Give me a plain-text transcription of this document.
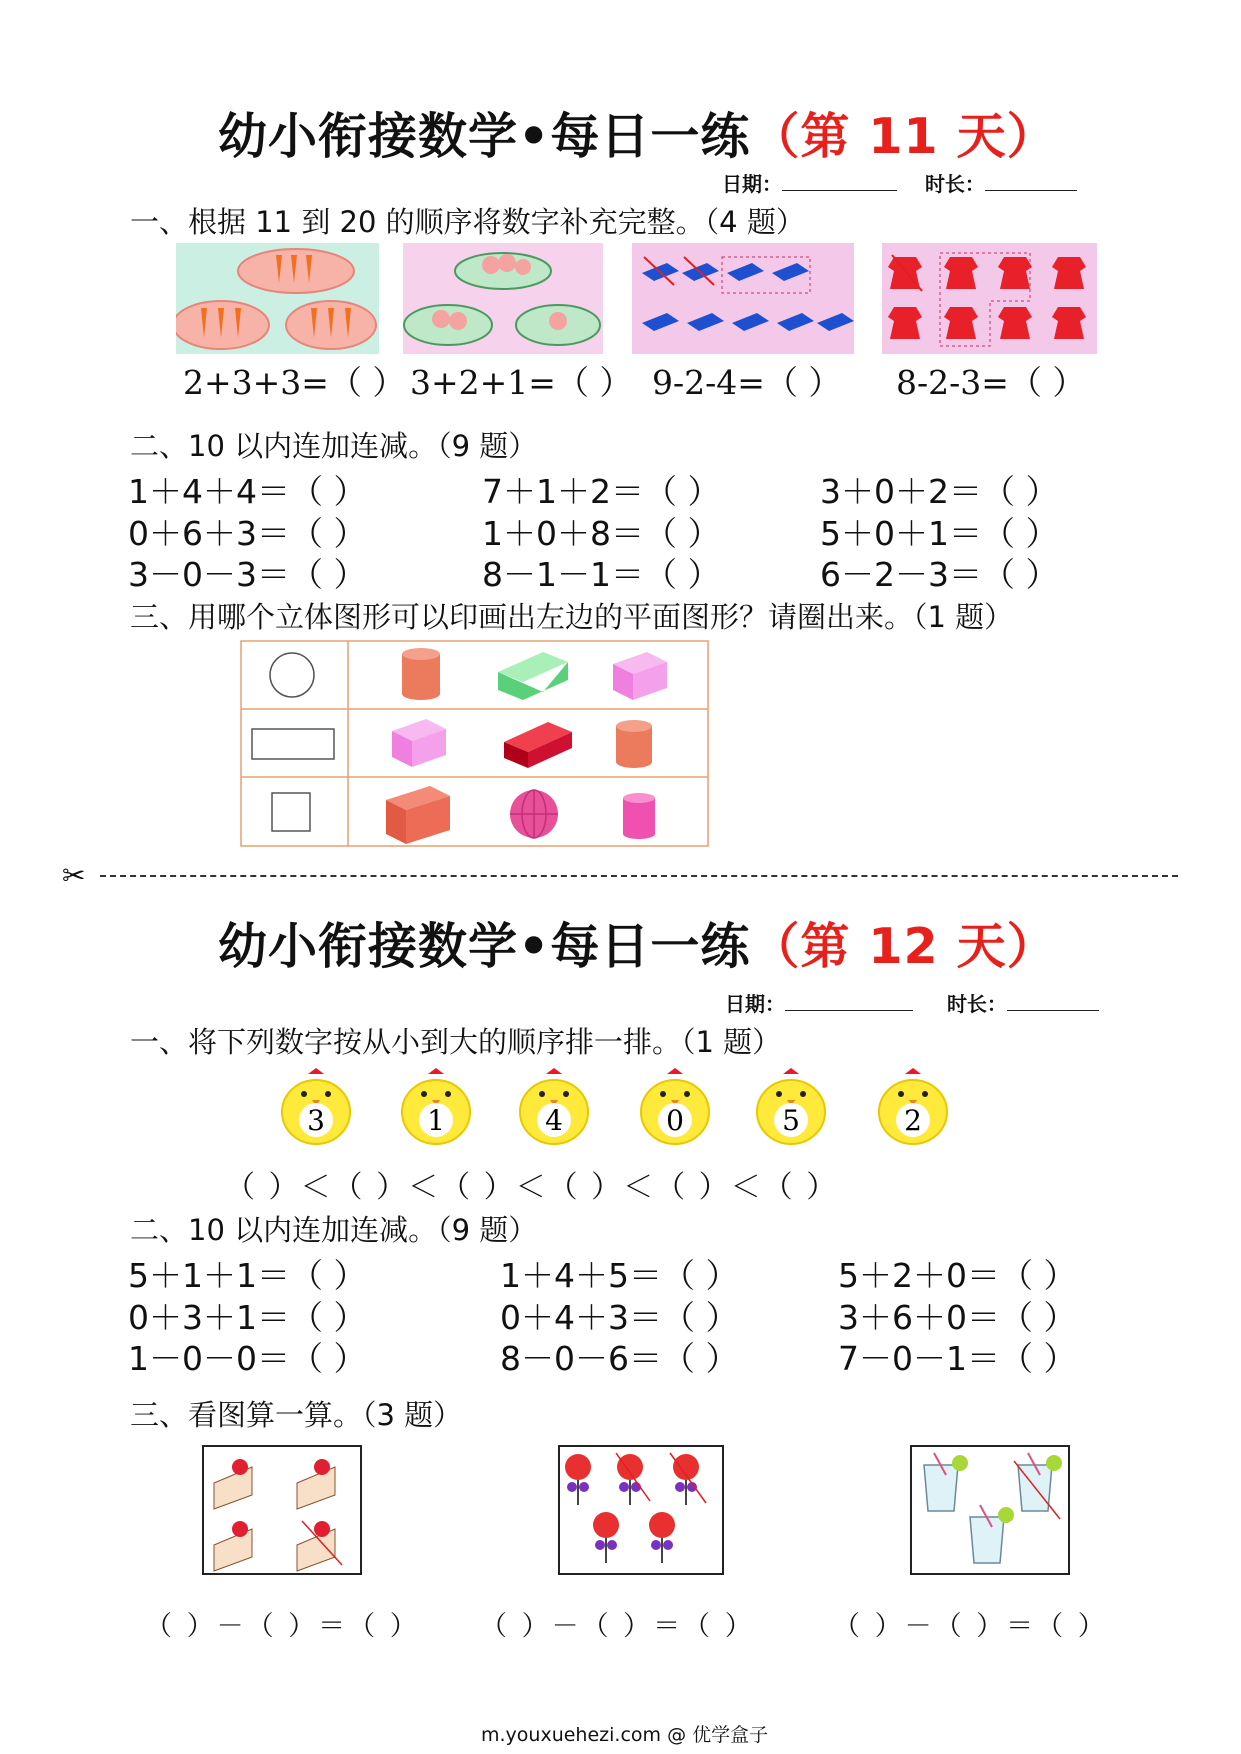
幼小衔接数学•每日一练（第 11 天）
日期：	时长：
一、根据 11 到 20 的顺序将数字补充完整。（4 题）
2+3+3=（ ） 3+2+1=（ ） 9-2-4=（ ） 8-2-3=（ ）
二、10 以内连加连减。（9 题）
1＋4＋4＝（ ）	7＋1＋2＝（ ）	3＋0＋2＝（ ）
0＋6＋3＝（ ）	1＋0＋8＝（ ）	5＋0＋1＝（ ）
3－0－3＝（ ）	8－1－1＝（ ）	6－2－3＝（ ）
三、用哪个立体图形可以印画出左边的平面图形？请圈出来。（1 题）
✂
幼小衔接数学•每日一练（第 12 天）
日期：	时长：
一、将下列数字按从小到大的顺序排一排。（1 题）
3	1	4	0	5	2
（ ）＜（ ）＜（ ）＜（ ）＜（ ）＜（ ）
二、10 以内连加连减。（9 题）
5＋1＋1＝（ ）	1＋4＋5＝（ ）	5＋2＋0＝（ ）
0＋3＋1＝（ ）	0＋4＋3＝（ ）	3＋6＋0＝（ ）
1－0－0＝（ ）	8－0－6＝（ ）	7－0－1＝（ ）
三、看图算一算。（3 题）
（ ）－（ ）＝（ ） （ ）－（ ）＝（ ）	（ ）－（ ）＝（ ）
m.youxuehezi.com @ 优学盒子
